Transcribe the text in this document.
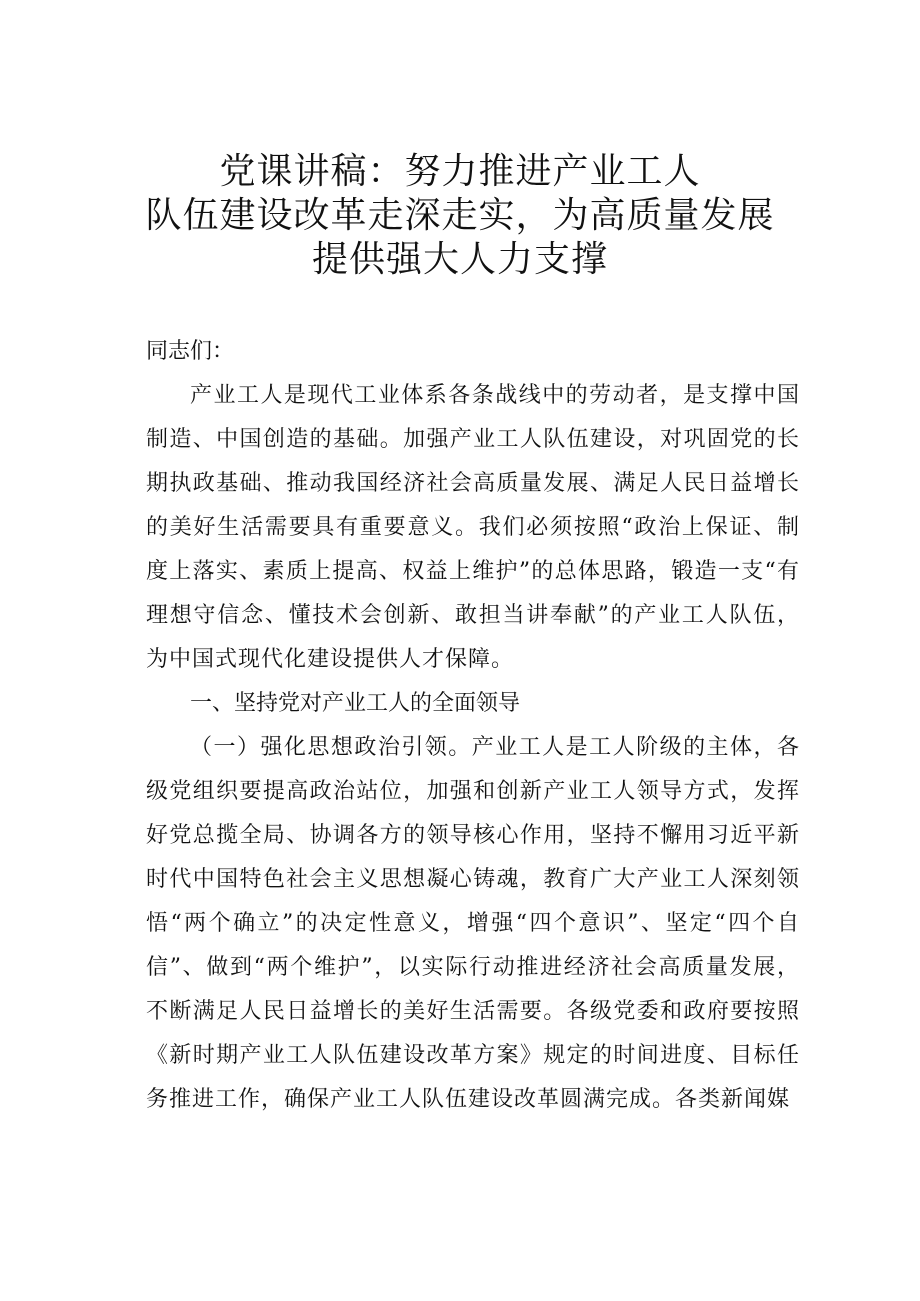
党课讲稿：努力推进产业工人
队伍建设改革走深走实，为高质量发展
提供强大人力支撑

同志们：

产业工人是现代工业体系各条战线中的劳动者，是支撑中国制造、中国创造的基础。加强产业工人队伍建设，对巩固党的长期执政基础、推动我国经济社会高质量发展、满足人民日益增长的美好生活需要具有重要意义。我们必须按照“政治上保证、制度上落实、素质上提高、权益上维护”的总体思路，锻造一支“有理想守信念、懂技术会创新、敢担当讲奉献”的产业工人队伍，为中国式现代化建设提供人才保障。

一、坚持党对产业工人的全面领导

（一）强化思想政治引领。产业工人是工人阶级的主体，各级党组织要提高政治站位，加强和创新产业工人领导方式，发挥好党总揽全局、协调各方的领导核心作用，坚持不懈用习近平新时代中国特色社会主义思想凝心铸魂，教育广大产业工人深刻领悟“两个确立”的决定性意义，增强“四个意识”、坚定“四个自信”、做到“两个维护”，以实际行动推进经济社会高质量发展，不断满足人民日益增长的美好生活需要。各级党委和政府要按照《新时期产业工人队伍建设改革方案》规定的时间进度、目标任务推进工作，确保产业工人队伍建设改革圆满完成。各类新闻媒
